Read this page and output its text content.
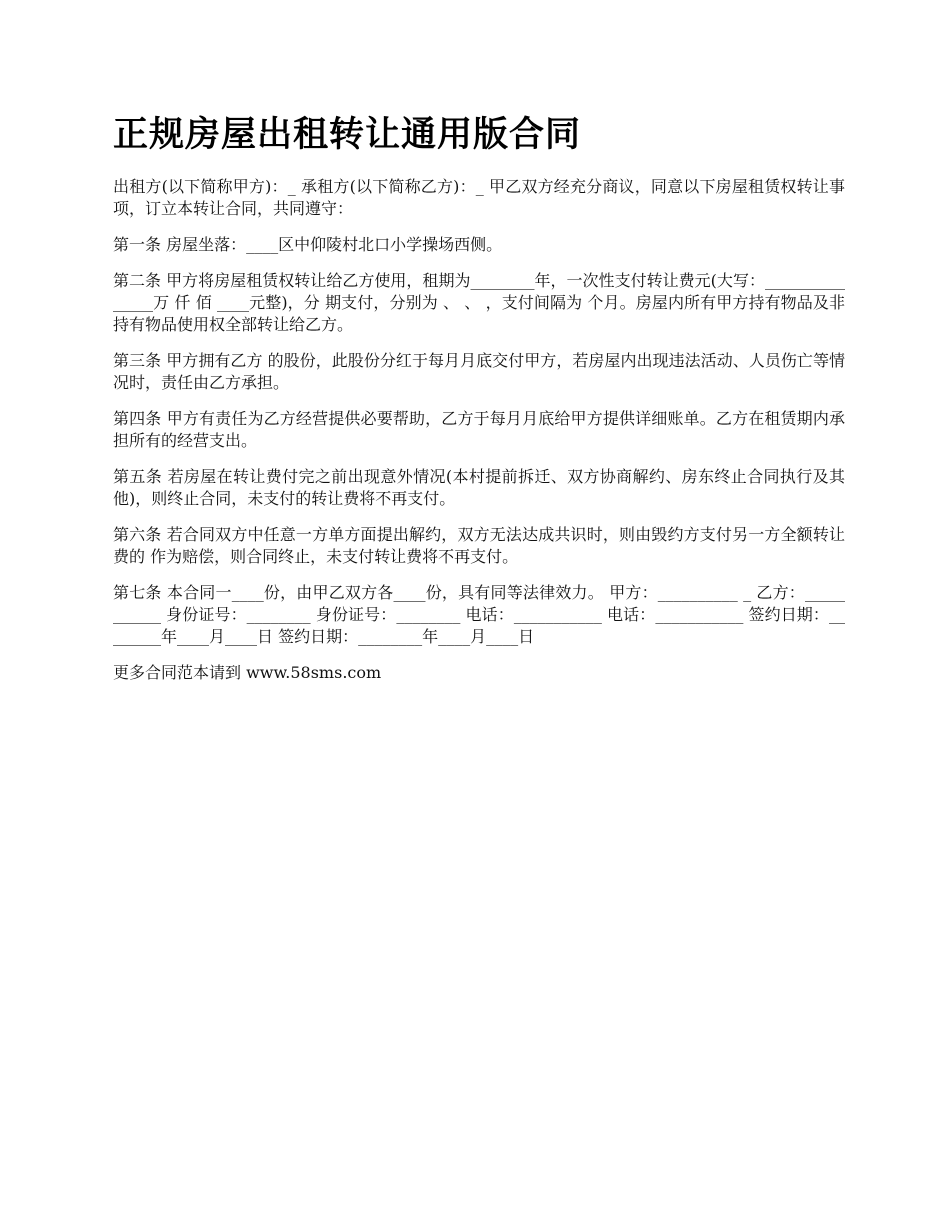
正规房屋出租转让通用版合同

出租方(以下简称甲方)：_ 承租方(以下简称乙方)：_ 甲乙双方经充分商议，同意以下房屋租赁权转让事项，订立本转让合同，共同遵守：

第一条 房屋坐落：____区中仰陵村北口小学操场西侧。

第二条 甲方将房屋租赁权转让给乙方使用，租期为________年，一次性支付转让费元(大写：_______________万 仟 佰 ____元整)，分 期支付，分别为 、 、 ，支付间隔为 个月。房屋内所有甲方持有物品及非持有物品使用权全部转让给乙方。

第三条 甲方拥有乙方 的股份，此股份分红于每月月底交付甲方，若房屋内出现违法活动、人员伤亡等情况时，责任由乙方承担。

第四条 甲方有责任为乙方经营提供必要帮助，乙方于每月月底给甲方提供详细账单。乙方在租赁期内承担所有的经营支出。

第五条 若房屋在转让费付完之前出现意外情况(本村提前拆迁、双方协商解约、房东终止合同执行及其他)，则终止合同，未支付的转让费将不再支付。

第六条 若合同双方中任意一方单方面提出解约，双方无法达成共识时，则由毁约方支付另一方全额转让费的 作为赔偿，则合同终止，未支付转让费将不再支付。

第七条 本合同一____份，由甲乙双方各____份，具有同等法律效力。 甲方：__________ _ 乙方：___________ 身份证号：________ 身份证号：________ 电话：___________ 电话：___________ 签约日期：________年____月____日 签约日期：________年____月____日

更多合同范本请到 www.58sms.com
